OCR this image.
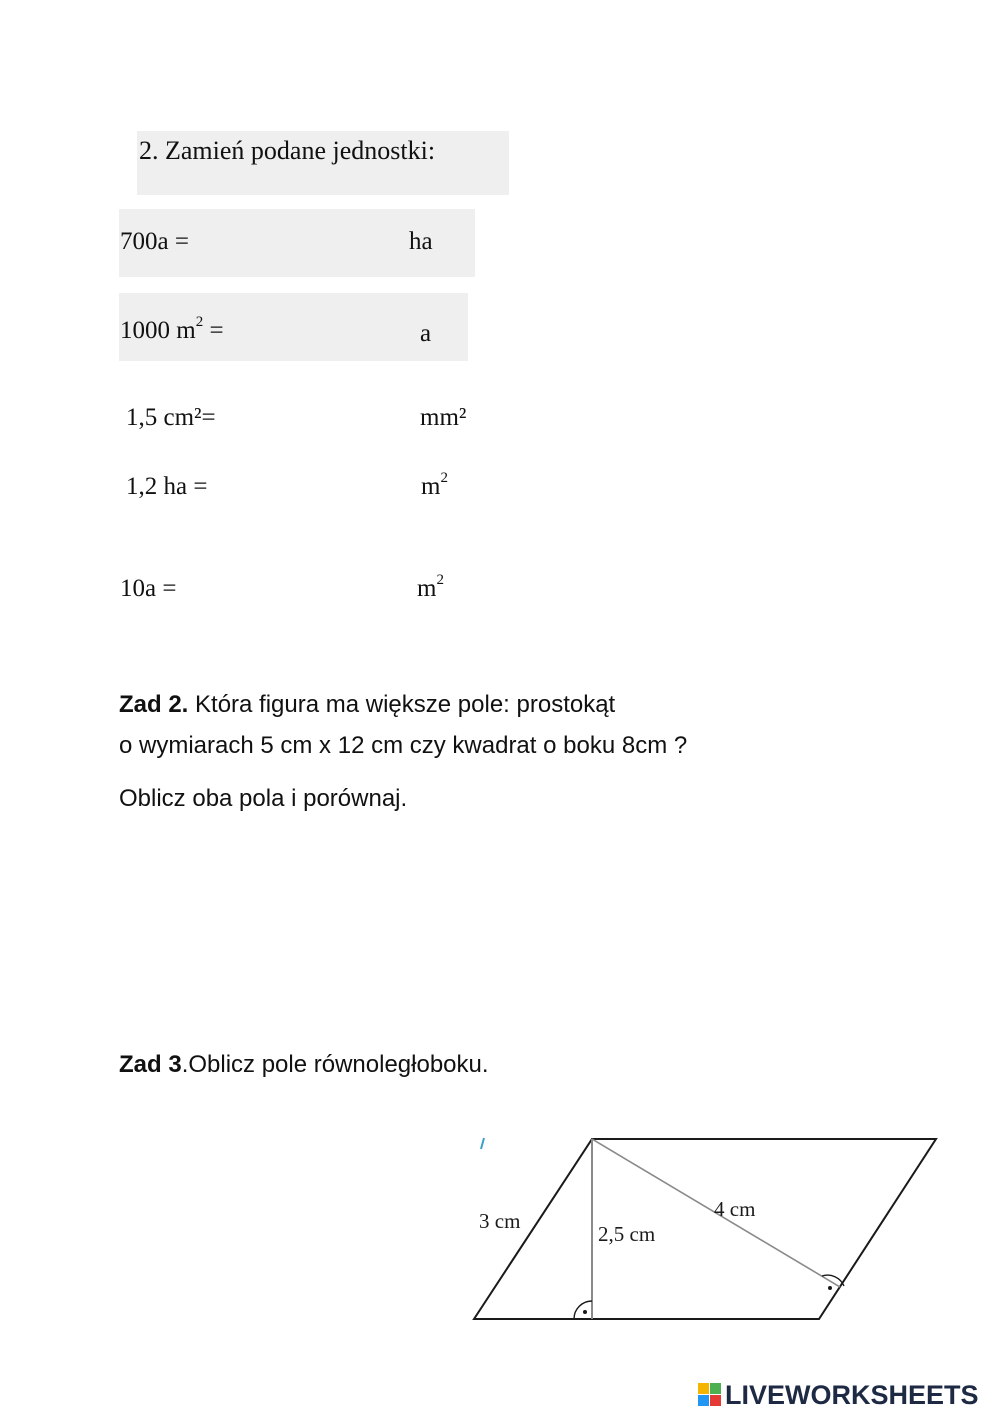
2. Zamień podane jednostki:
700a =	ha
1000 $m^2$ =	a
1,5 cm²=	mm²
1,2 ha =	$m^2$
10a =	$m^2$
Zad 2. Która figura ma większe pole: prostokąt
o wymiarach 5 cm x 12 cm czy kwadrat o boku 8cm ?
Oblicz oba pola i porównaj.
Zad 3.Oblicz pole równoległoboku.
3 cm
2,5 cm
4 cm
LIVEWORKSHEETS
